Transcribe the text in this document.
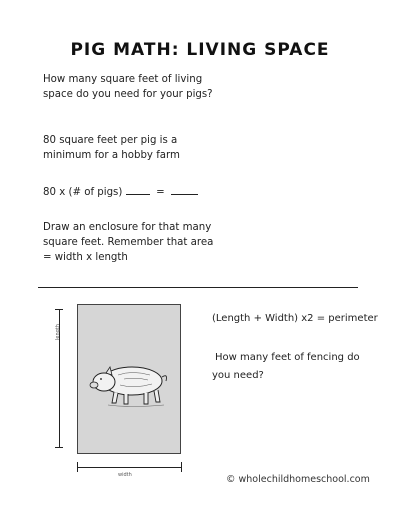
PIG MATH: LIVING SPACE
How many square feet of living space do you need for your pigs?
80 square feet per pig is a minimum for a hobby farm
80 x (# of pigs)	=
Draw an enclosure for that many square feet. Remember that area = width x length
length
width
(Length + Width) x2 = perimeter
How many feet of fencing do you need?
© wholechildhomeschool.com
